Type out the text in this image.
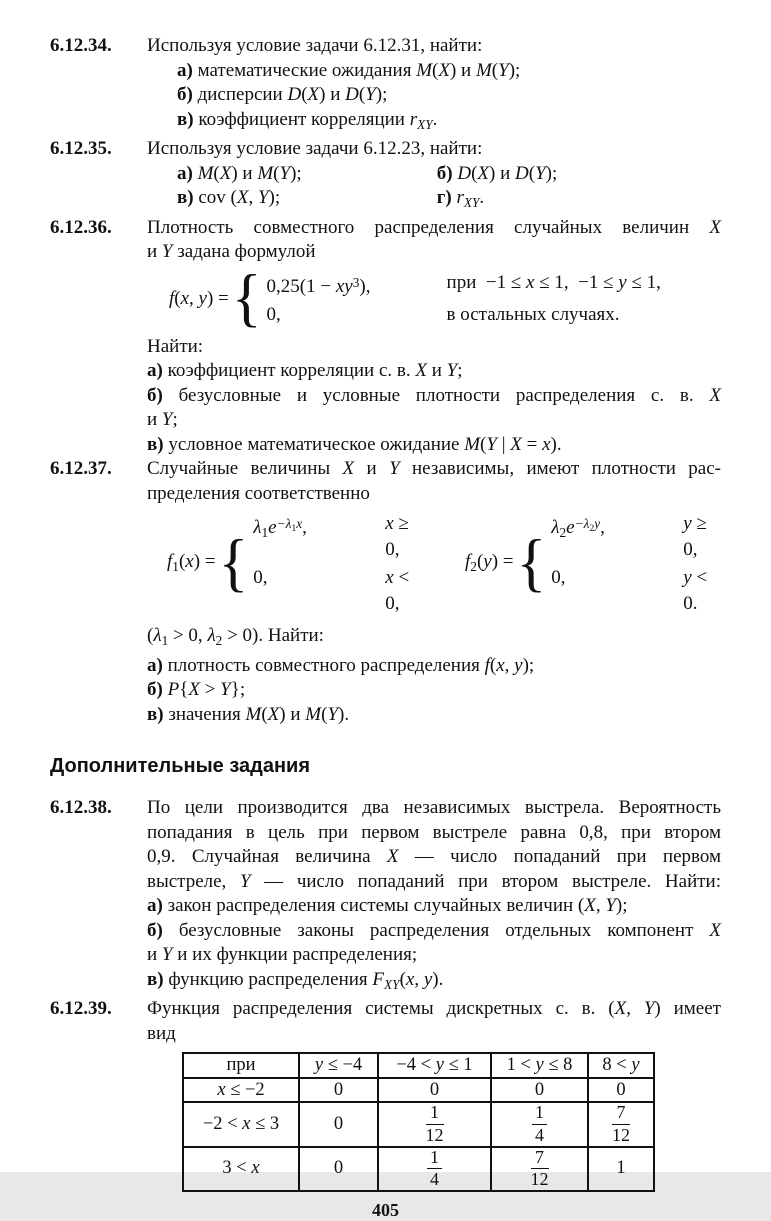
6.12.34.	Используя условие задачи 6.12.31, найти:
а) математические ожидания M(X) и M(Y);
б) дисперсии D(X) и D(Y);
в) коэффициент корреляции $r_{XY}$.
6.12.35.	Используя условие задачи 6.12.23, найти:
а) M(X) и M(Y);	б) D(X) и D(Y);
в) cov (X, Y);	г) $r_{XY}$.
6.12.36.	Плотность совместного распределения случайных величин X
и Y задана формулой
f(x, y) = { $0,25(1 - xy^3)$,	при −1 ≤ x ≤ 1, −1 ≤ y ≤ 1,
0,	в остальных случаях.
Найти:
а) коэффициент корреляции с. в. X и Y;
б) безусловные и условные плотности распределения с. в. X
и Y;
в) условное математическое ожидание M(Y | X = x).
6.12.37.	Случайные величины X и Y независимы, имеют плотности рас-
пределения соответственно
$f_1(x)$ = { $\lambda_1e^{-\lambda}1^x$,	x ≥ 0,
0,	x < 0,
$f_2(y)$ = { $\lambda_2e^{-\lambda}2^y$,	y ≥ 0,
0,	y < 0.
($\lambda_1 > 0$, $\lambda_2 > 0$). Найти:
а) плотность совместного распределения f(x, y);
б) P{X > Y};
в) значения M(X) и M(Y).
Дополнительные задания
6.12.38.	По цели производится два независимых выстрела. Вероятность
попадания в цель при первом выстреле равна 0,8, при втором
0,9. Случайная величина X — число попаданий при первом
выстреле, Y — число попаданий при втором выстреле. Найти:
а) закон распределения системы случайных величин (X, Y);
б) безусловные законы распределения отдельных компонент X
и Y и их функции распределения;
в) функцию распределения $F_{XY}(x$, y).
6.12.39.	Функция распределения системы дискретных с. в. (X, Y) имеет
вид
при	y ≤ −4	−4 < y ≤ 1	1 < y ≤ 8	8 < y
x ≤ −2	0	0	0	0
−2 < x ≤ 3	0	$\frac{1}{12}$	$\frac{1}{4}$	$\frac{7}{12}$

3 < x	0	$\frac{1}{4}$	$\frac{7}{12}$	1
405
